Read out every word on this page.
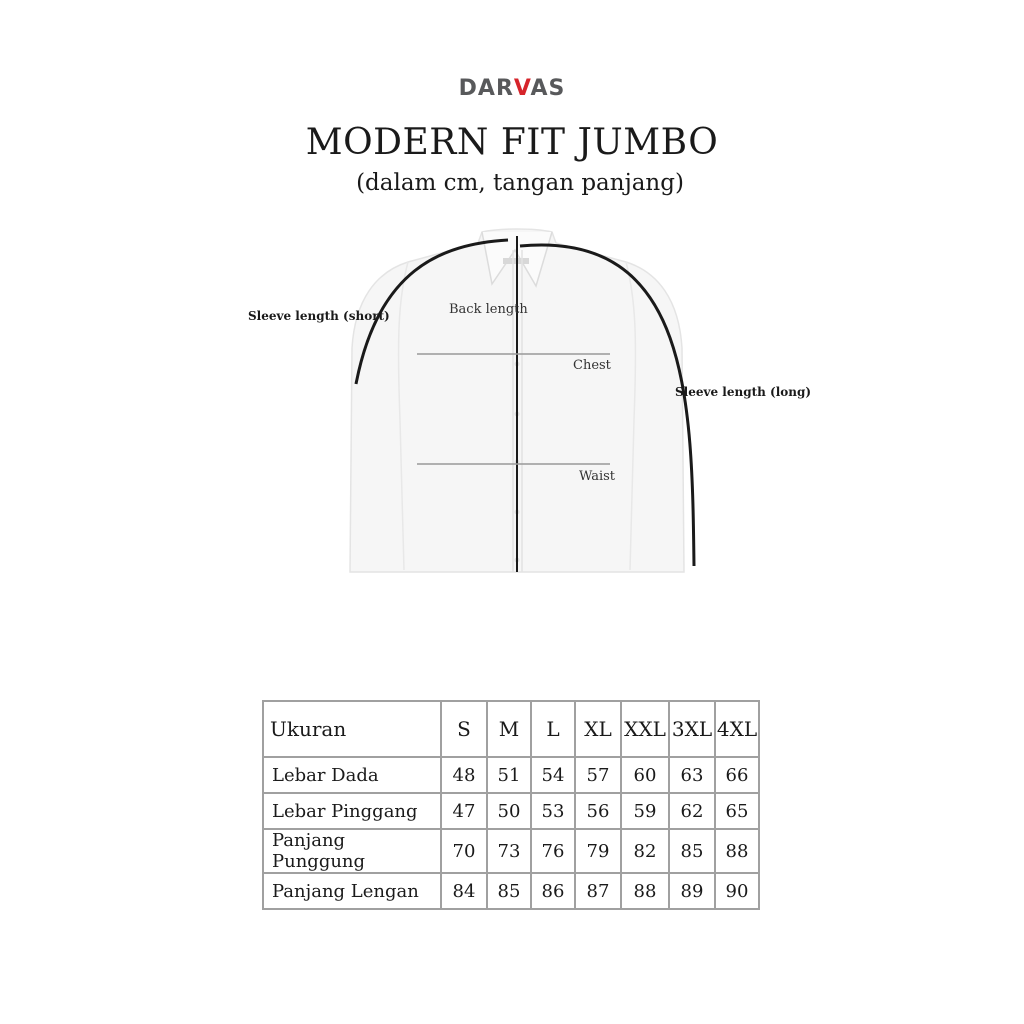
DARVAS
MODERN FIT JUMBO
(dalam cm, tangan panjang)
Sleeve length (short)	Back length
Chest
Sleeve length (long)
Waist
Ukuran	S	M	L	XL	XXL	3XL	4XL
Lebar Dada	48	51	54	57	60	63	66
Lebar Pinggang	47	50	53	56	59	62	65
Panjang Punggung	70	73	76	79	82	85	88
Panjang Lengan	84	85	86	87	88	89	90
